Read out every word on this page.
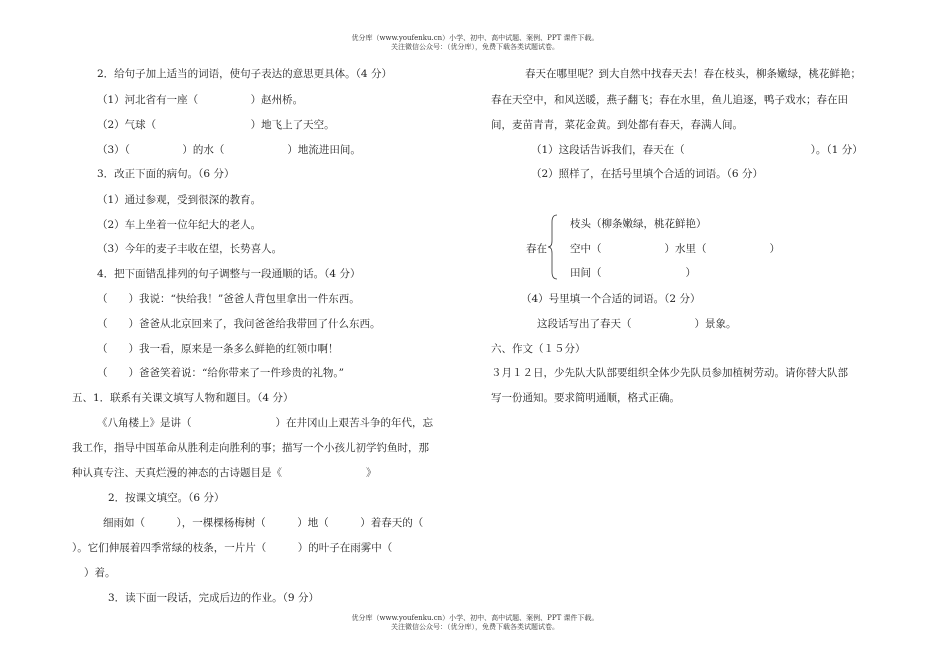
优分库（www.youfenku.cn）小学、初中、高中试题、案例、PPT 课件下载。
关注微信公众号：（优分库），免费下载各类试题试卷。
2．给句子加上适当的词语，使句子表达的意思更具体。（4 分）
（1）河北省有一座（　　　　　）赵州桥。
（2）气球（　　　　　　　　　）地飞上了天空。
（3）（　　　　　）的水（　　　　　　）地流进田间。
3．改正下面的病句。（6 分）
（1）通过参观，受到很深的教育。
（2）车上坐着一位年纪大的老人。
（3）今年的麦子丰收在望，长势喜人。
4．把下面错乱排列的句子调整与一段通顺的话。（4 分）
（　　）我说：“快给我！”爸爸人背包里拿出一件东西。
（　　）爸爸从北京回来了，我问爸爸给我带回了什么东西。
（　　）我一看，原来是一条多么鲜艳的红领巾啊！
（　　）爸爸笑着说：“给你带来了一件珍贵的礼物。”
五、1．联系有关课文填写人物和题目。（4 分）
《八角楼上》是讲（　　　　　　　　）在井冈山上艰苦斗争的年代，忘
我工作，指导中国革命从胜利走向胜利的事；描写一个小孩儿初学钓鱼时，那
种认真专注、天真烂漫的神态的古诗题目是《　　　　　　　　》
2．按课文填空。（6 分）
细雨如（　　　），一棵棵杨梅树（　　　）地（　　　）着春天的（
）。它们伸展着四季常绿的枝条，一片片（　　　）的叶子在雨雾中（
）着。
3．读下面一段话，完成后边的作业。（9 分）
春天在哪里呢？到大自然中找春天去！春在枝头，柳条嫩绿，桃花鲜艳；
春在天空中，和风送暖，燕子翻飞；春在水里，鱼儿追逐，鸭子戏水；春在田
间，麦苗青青，菜花金黄。到处都有春天，春满人间。
（1）这段话告诉我们，春天在（　　　　　　　　　　　　）。（1 分）
（2）照样了，在括号里填个合适的词语。（6 分）
枝头（柳条嫩绿，桃花鲜艳）
春在 空中（　　　　　　）水里（　　　　　　）
田间（　　　　　　　　）
（4）号里填一个合适的词语。（2 分）
这段话写出了春天（　　　　　　）景象。
六、作文（１５分）
３月１２日，少先队大队部要组织全体少先队员参加植树劳动。请你替大队部
写一份通知。要求简明通顺，格式正确。
优分库（www.youfenku.cn）小学、初中、高中试题、案例、PPT 课件下载。
关注微信公众号：（优分库），免费下载各类试题试卷。
